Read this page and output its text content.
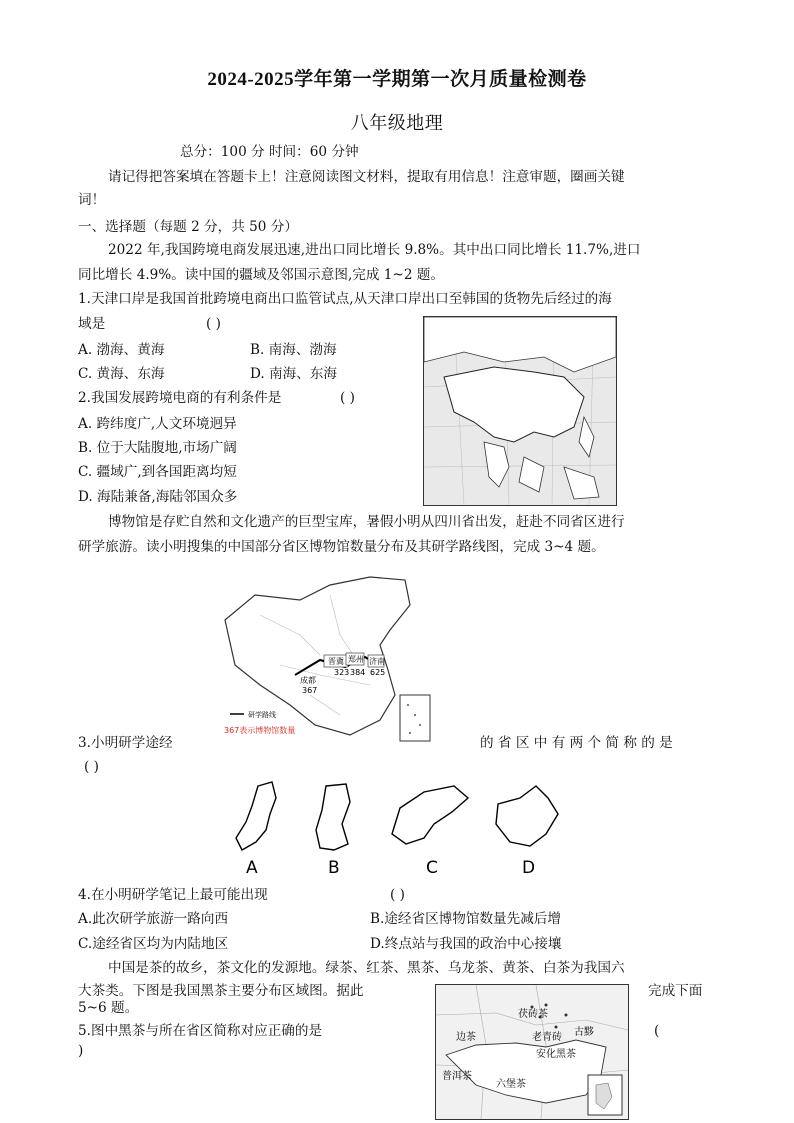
2024-2025学年第一学期第一次月质量检测卷
八年级地理
总分：100 分 时间：60 分钟
请记得把答案填在答题卡上！注意阅读图文材料，提取有用信息！注意审题，圈画关键
词！
一、选择题（每题 2 分，共 50 分）
2022 年,我国跨境电商发展迅速,进出口同比增长 9.8%。其中出口同比增长 11.7%,进口
同比增长 4.9%。读中国的疆域及邻国示意图,完成 1~2 题。
1.天津口岸是我国首批跨境电商出口监管试点,从天津口岸出口至韩国的货物先后经过的海
域是	( )
A. 渤海、黄海	B. 南海、渤海
C. 黄海、东海	D. 南海、东海
2.我国发展跨境电商的有利条件是	( )
A. 跨纬度广,人文环境迥异
B. 位于大陆腹地,市场广阔
C. 疆域广,到各国距离均短
D. 海陆兼备,海陆邻国众多
博物馆是存贮自然和文化遗产的巨型宝库，暑假小明从四川省出发，赶赴不同省区进行
研学旅游。读小明搜集的中国部分省区博物馆数量分布及其研学路线图，完成 3~4 题。
成都
367
晋冀
323
郑州
384
济南
625
研学路线
367表示博物馆数量
3.小明研学途经	的 省 区 中 有 两 个 简 称 的 是
( )
A	B	C	D
4.在小明研学笔记上最可能出现	( )
A.此次研学旅游一路向西	B.途经省区博物馆数量先减后增
C.途经省区均为内陆地区	D.终点站与我国的政治中心接壤
中国是茶的故乡，茶文化的发源地。绿茶、红茶、黑茶、乌龙茶、黄茶、白茶为我国六
大茶类。下图是我国黑茶主要分布区域图。据此	完成下面
5~6 题。
5.图中黑茶与所在省区简称对应正确的是	(
)
茯砖茶
边茶	老青砖 古黟
安化黑茶
普洱茶
六堡茶
